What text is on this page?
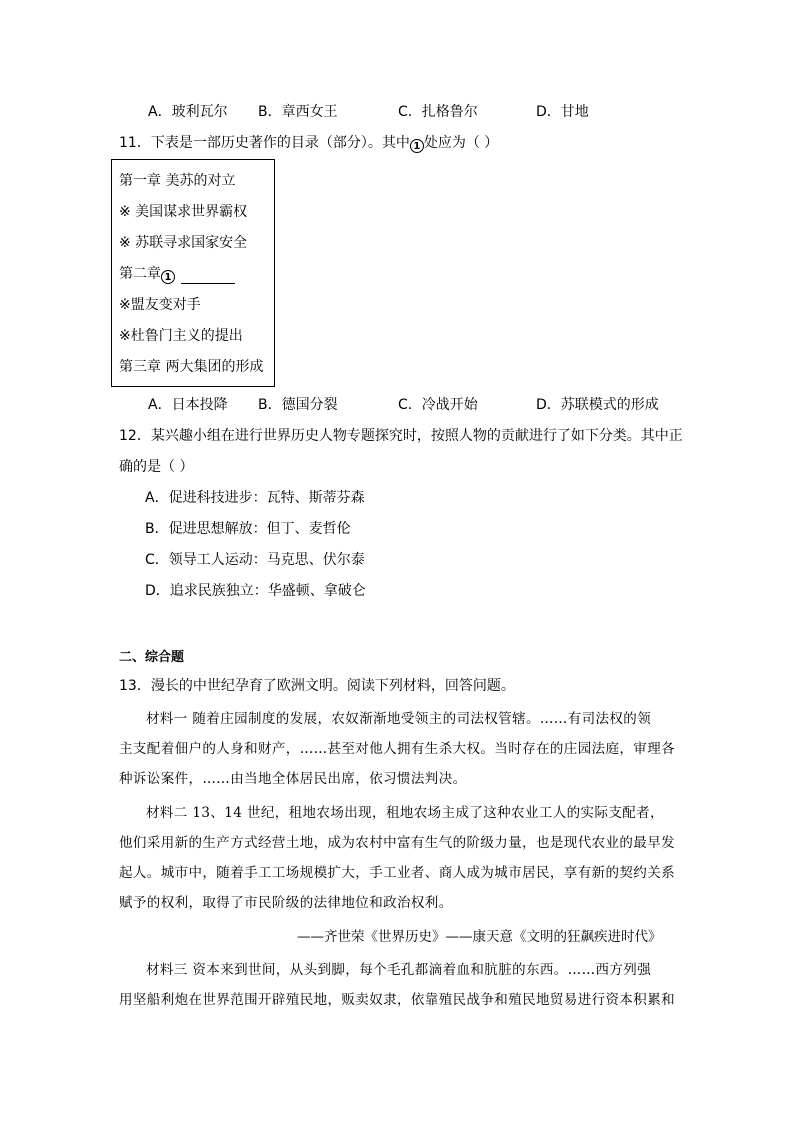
A．玻利瓦尔 B．章西女王	C．扎格鲁尔	D．甘地
11．下表是一部历史著作的目录（部分）。其中 1 处应为（ ）
第一章 美苏的对立
※ 美国谋求世界霸权
※ 苏联寻求国家安全
第二章 1
※盟友变对手
※杜鲁门主义的提出
第三章 两大集团的形成
A．日本投降 B．德国分裂	C．冷战开始	D．苏联模式的形成
12．某兴趣小组在进行世界历史人物专题探究时，按照人物的贡献进行了如下分类。其中正
确的是（ ）
A．促进科技进步：瓦特、斯蒂芬森
B．促进思想解放：但丁、麦哲伦
C．领导工人运动：马克思、伏尔泰
D．追求民族独立：华盛顿、拿破仑
二、综合题
13．漫长的中世纪孕育了欧洲文明。阅读下列材料，回答问题。
材料一 随着庄园制度的发展，农奴渐渐地受领主的司法权管辖。……有司法权的领
主支配着佃户的人身和财产，……甚至对他人拥有生杀大权。当时存在的庄园法庭，审理各
种诉讼案件，……由当地全体居民出席，依习惯法判决。
材料二 13、14 世纪，租地农场出现，租地农场主成了这种农业工人的实际支配者，
他们采用新的生产方式经营土地，成为农村中富有生气的阶级力量，也是现代农业的最早发
起人。城市中，随着手工工场规模扩大，手工业者、商人成为城市居民，享有新的契约关系
赋予的权利，取得了市民阶级的法律地位和政治权利。
——齐世荣《世界历史》——康天意《文明的狂飙疾进时代》
材料三 资本来到世间，从头到脚，每个毛孔都滴着血和肮脏的东西。……西方列强
用坚船利炮在世界范围开辟殖民地，贩卖奴隶，依靠殖民战争和殖民地贸易进行资本积累和
